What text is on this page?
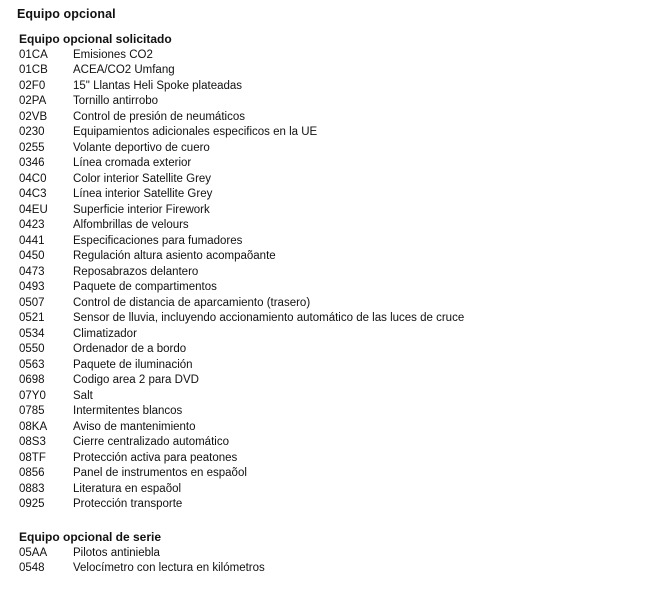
Equipo opcional
Equipo opcional solicitado
01CA	Emisiones CO2
01CB	ACEA/CO2 Umfang
02F0	15" Llantas Heli Spoke plateadas
02PA	Tornillo antirrobo
02VB	Control de presión de neumáticos
0230	Equipamientos adicionales especificos en la UE
0255	Volante deportivo de cuero
0346	Línea cromada exterior
04C0	Color interior Satellite Grey
04C3	Línea interior Satellite Grey
04EU	Superficie interior Firework
0423	Alfombrillas de velours
0441	Especificaciones para fumadores
0450	Regulación altura asiento acompaõante
0473	Reposabrazos delantero
0493	Paquete de compartimentos
0507	Control de distancia de aparcamiento (trasero)
0521	Sensor de lluvia, incluyendo accionamiento automático de las luces de cruce
0534	Climatizador
0550	Ordenador de a bordo
0563	Paquete de iluminación
0698	Codigo area 2 para DVD
07Y0	Salt
0785	Intermitentes blancos
08KA	Aviso de mantenimiento
08S3	Cierre centralizado automático
08TF	Protección activa para peatones
0856	Panel de instrumentos en espaõol
0883	Literatura en espaõol
0925	Protección transporte
Equipo opcional de serie
05AA	Pilotos antiniebla
0548	Velocímetro con lectura en kilómetros
